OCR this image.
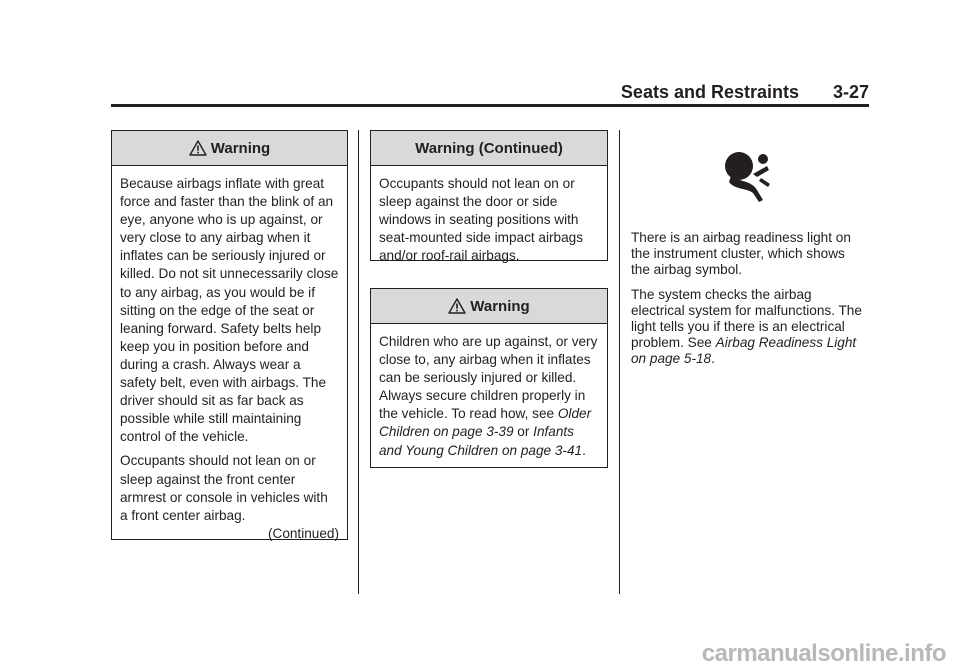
Seats and Restraints 3-27
Warning

Because airbags inflate with great force and faster than the blink of an eye, anyone who is up against, or very close to any airbag when it inflates can be seriously injured or killed. Do not sit unnecessarily close to any airbag, as you would be if sitting on the edge of the seat or leaning forward. Safety belts help keep you in position before and during a crash. Always wear a safety belt, even with airbags. The driver should sit as far back as possible while still maintaining control of the vehicle.

Occupants should not lean on or sleep against the front center armrest or console in vehicles with a front center airbag.

(Continued)
Warning (Continued)

Occupants should not lean on or sleep against the door or side windows in seating positions with seat-mounted side impact airbags and/or roof-rail airbags.

Warning

Children who are up against, or very close to, any airbag when it inflates can be seriously injured or killed. Always secure children properly in the vehicle. To read how, see Older Children on page 3-39 or Infants and Young Children on page 3-41.

There is an airbag readiness light on the instrument cluster, which shows the airbag symbol.

The system checks the airbag electrical system for malfunctions. The light tells you if there is an electrical problem. See Airbag Readiness Light on page 5-18.

carmanualsonline.info
